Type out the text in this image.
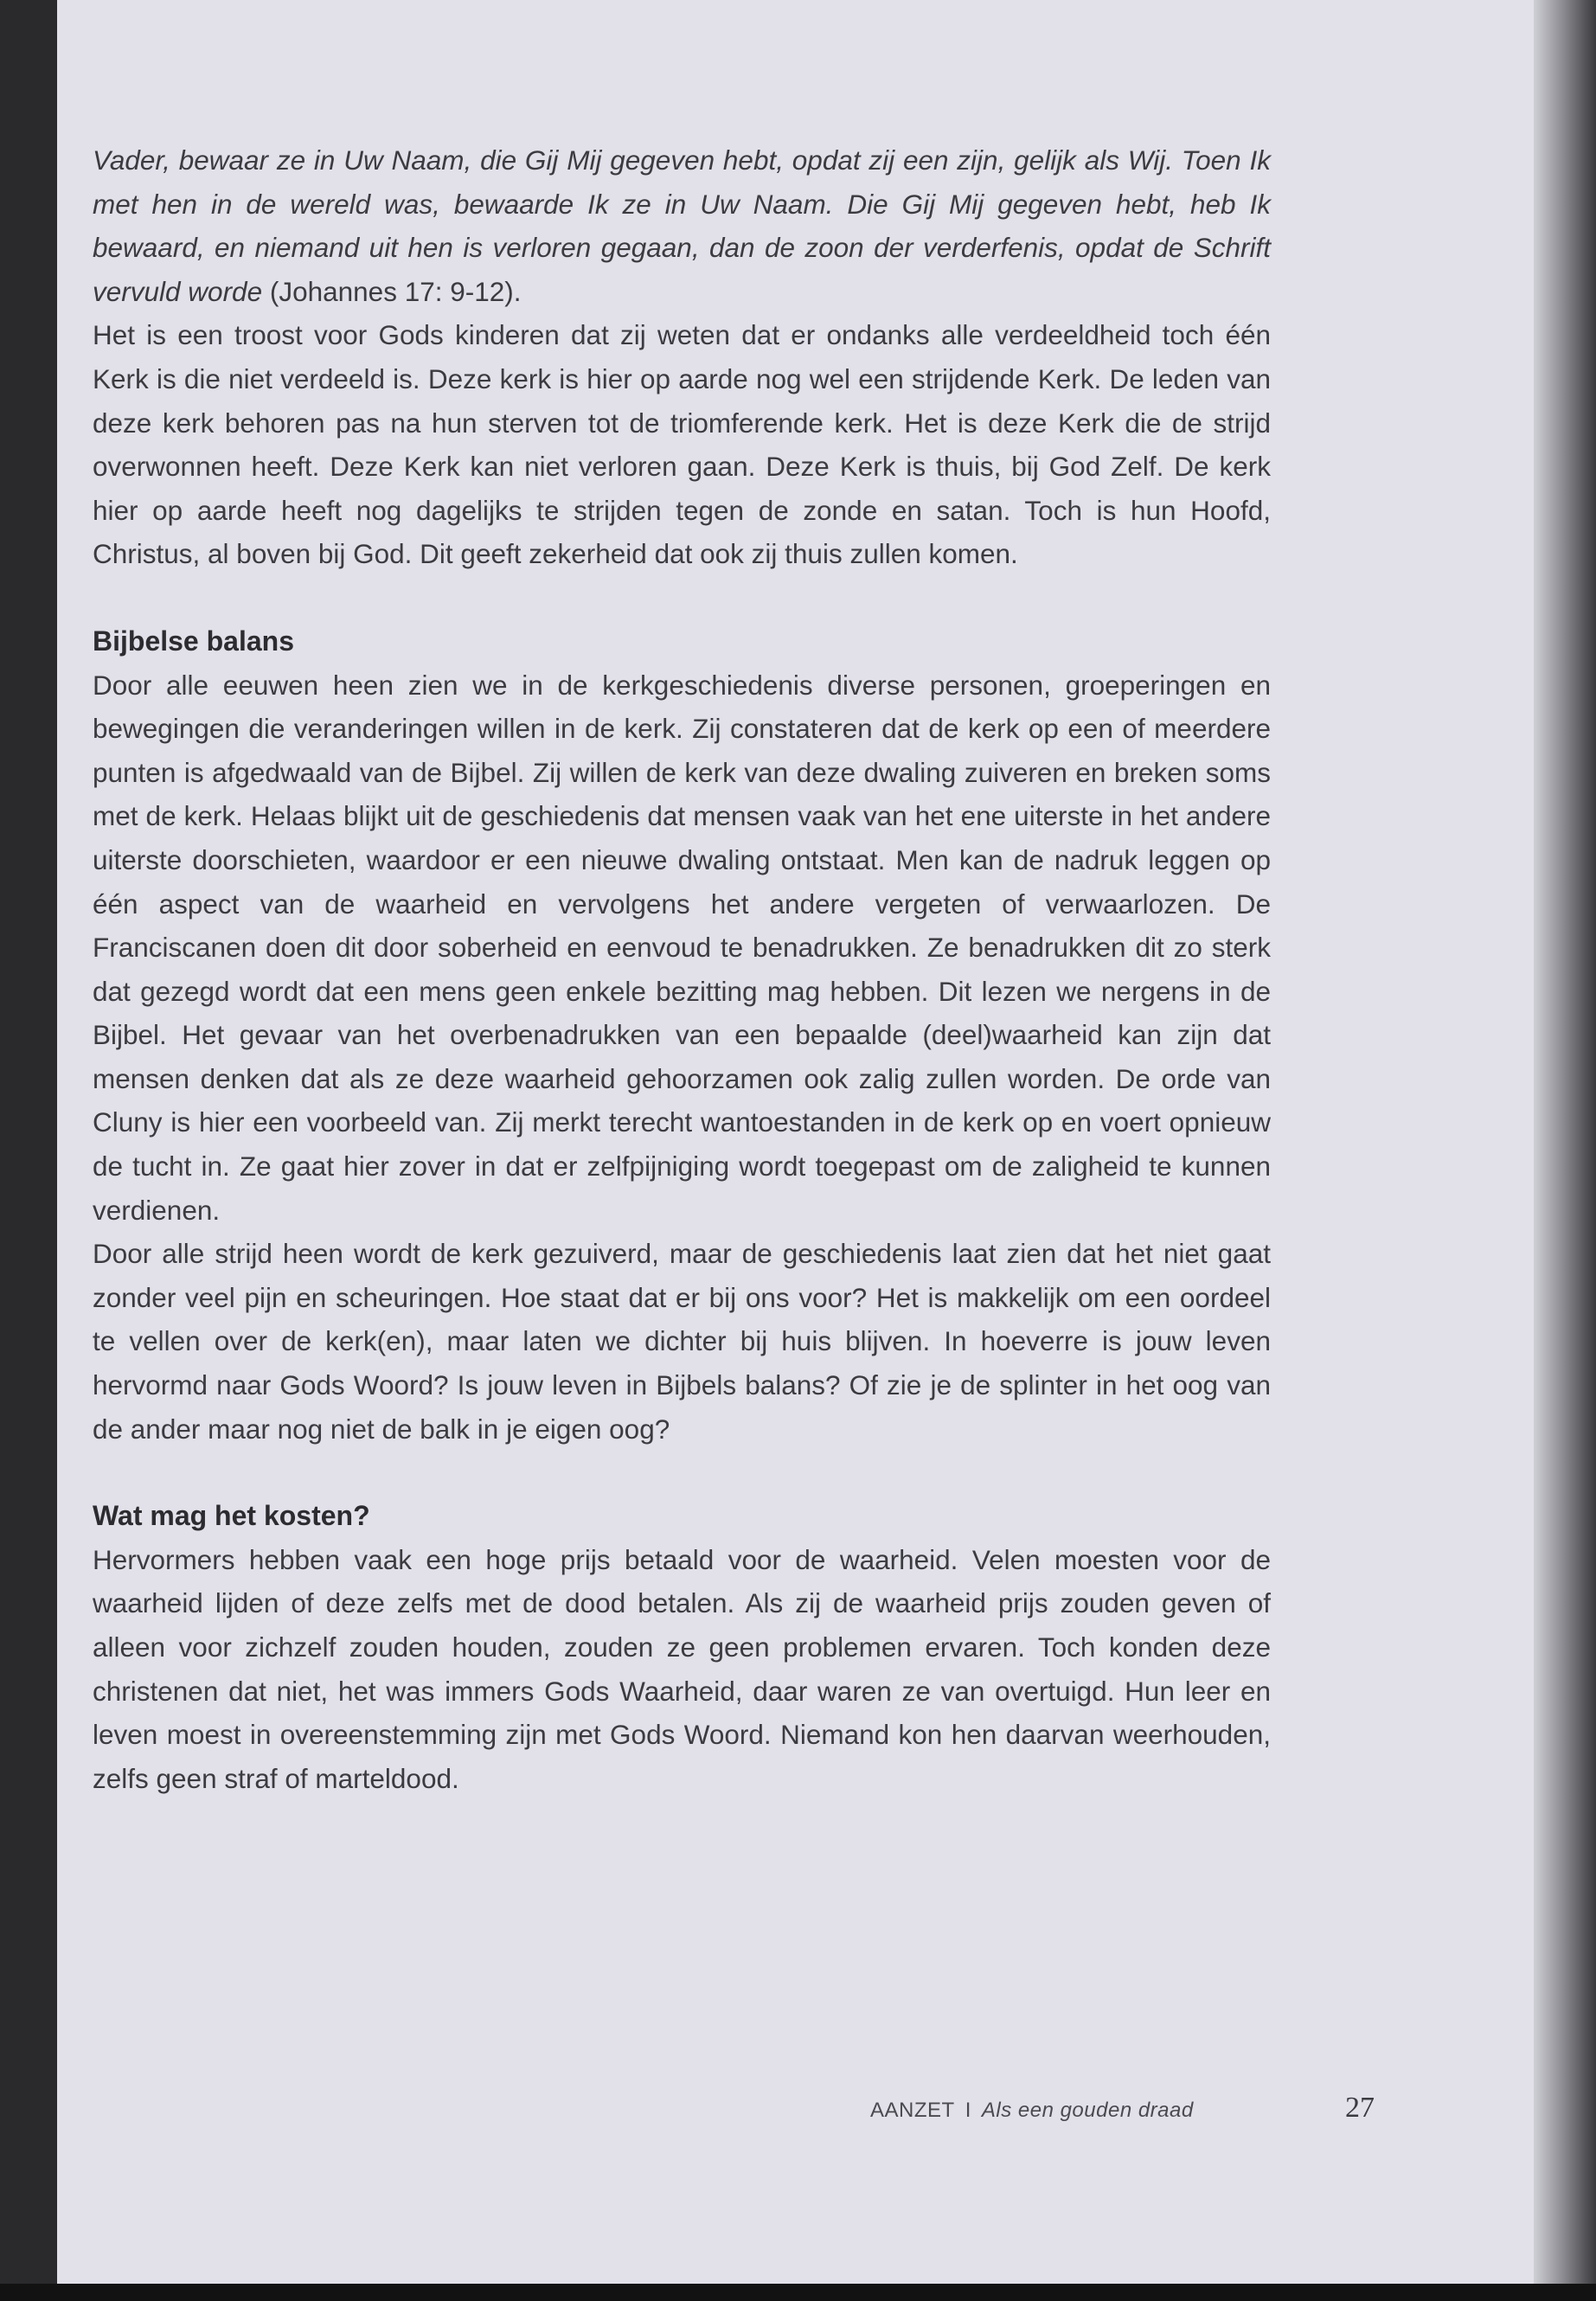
Vader, bewaar ze in Uw Naam, die Gij Mij gegeven hebt, opdat zij een zijn, gelijk als Wij. Toen Ik met hen in de wereld was, bewaarde Ik ze in Uw Naam. Die Gij Mij gegeven hebt, heb Ik bewaard, en niemand uit hen is verloren gegaan, dan de zoon der verderfenis, opdat de Schrift vervuld worde (Johannes 17: 9-12).

Het is een troost voor Gods kinderen dat zij weten dat er ondanks alle verdeeldheid toch één Kerk is die niet verdeeld is. Deze kerk is hier op aarde nog wel een strijdende Kerk. De leden van deze kerk behoren pas na hun sterven tot de triomferende kerk. Het is deze Kerk die de strijd overwonnen heeft. Deze Kerk kan niet verloren gaan. Deze Kerk is thuis, bij God Zelf. De kerk hier op aarde heeft nog dagelijks te strijden tegen de zonde en satan. Toch is hun Hoofd, Christus, al boven bij God. Dit geeft zekerheid dat ook zij thuis zullen komen.

Bijbelse balans

Door alle eeuwen heen zien we in de kerkgeschiedenis diverse personen, groeperingen en bewegingen die veranderingen willen in de kerk. Zij constateren dat de kerk op een of meerdere punten is afgedwaald van de Bijbel. Zij willen de kerk van deze dwaling zuiveren en breken soms met de kerk. Helaas blijkt uit de geschiedenis dat mensen vaak van het ene uiterste in het andere uiterste doorschieten, waardoor er een nieuwe dwaling ontstaat. Men kan de nadruk leggen op één aspect van de waarheid en vervolgens het andere vergeten of verwaarlozen. De Franciscanen doen dit door soberheid en eenvoud te benadrukken. Ze benadrukken dit zo sterk dat gezegd wordt dat een mens geen enkele bezitting mag hebben. Dit lezen we nergens in de Bijbel. Het gevaar van het overbenadrukken van een bepaalde (deel)waarheid kan zijn dat mensen denken dat als ze deze waarheid gehoorzamen ook zalig zullen worden. De orde van Cluny is hier een voorbeeld van. Zij merkt terecht wantoestanden in de kerk op en voert opnieuw de tucht in. Ze gaat hier zover in dat er zelfpijniging wordt toegepast om de zaligheid te kunnen verdienen.

Door alle strijd heen wordt de kerk gezuiverd, maar de geschiedenis laat zien dat het niet gaat zonder veel pijn en scheuringen. Hoe staat dat er bij ons voor? Het is makkelijk om een oordeel te vellen over de kerk(en), maar laten we dichter bij huis blijven. In hoeverre is jouw leven hervormd naar Gods Woord? Is jouw leven in Bijbels balans? Of zie je de splinter in het oog van de ander maar nog niet de balk in je eigen oog?

Wat mag het kosten?

Hervormers hebben vaak een hoge prijs betaald voor de waarheid. Velen moesten voor de waarheid lijden of deze zelfs met de dood betalen. Als zij de waarheid prijs zouden geven of alleen voor zichzelf zouden houden, zouden ze geen problemen ervaren. Toch konden deze christenen dat niet, het was immers Gods Waarheid, daar waren ze van overtuigd. Hun leer en leven moest in overeenstemming zijn met Gods Woord. Niemand kon hen daarvan weerhouden, zelfs geen straf of marteldood.

AANZET I Als een gouden draad	27
